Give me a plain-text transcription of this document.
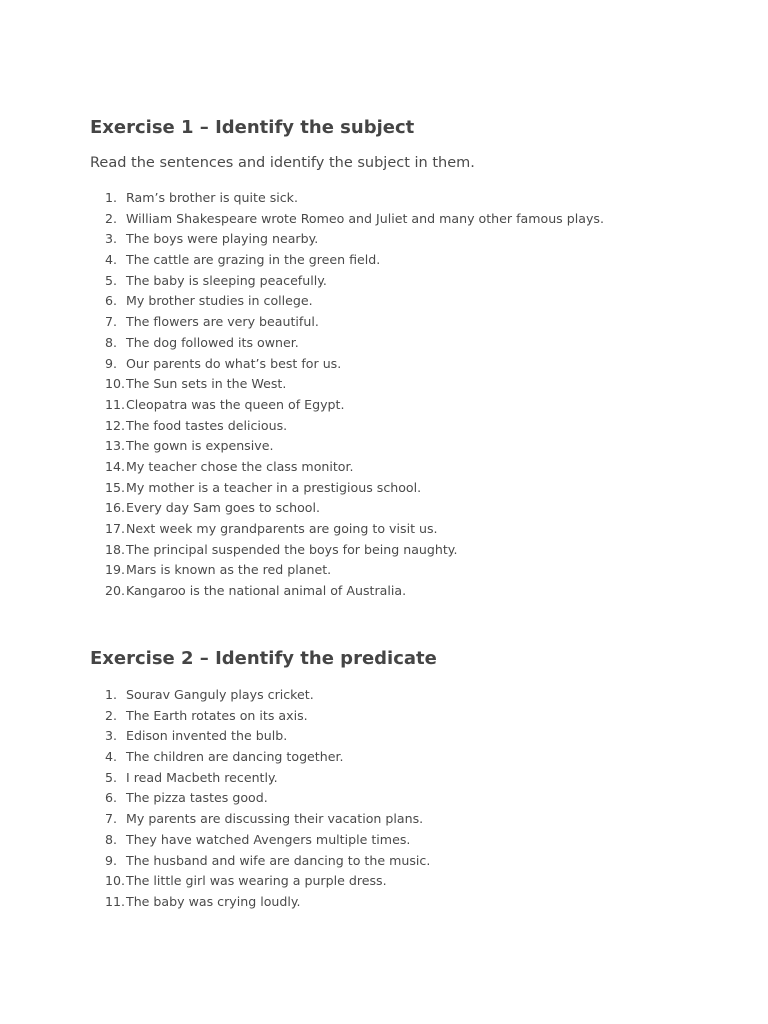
Exercise 1 – Identify the subject

Read the sentences and identify the subject in them.

1. Ram’s brother is quite sick.
2. William Shakespeare wrote Romeo and Juliet and many other famous plays.
3. The boys were playing nearby.
4. The cattle are grazing in the green field.
5. The baby is sleeping peacefully.
6. My brother studies in college.
7. The flowers are very beautiful.
8. The dog followed its owner.
9. Our parents do what’s best for us.
10. The Sun sets in the West.
11. Cleopatra was the queen of Egypt.
12. The food tastes delicious.
13. The gown is expensive.
14. My teacher chose the class monitor.
15. My mother is a teacher in a prestigious school.
16. Every day Sam goes to school.
17. Next week my grandparents are going to visit us.
18. The principal suspended the boys for being naughty.
19. Mars is known as the red planet.
20. Kangaroo is the national animal of Australia.
Exercise 2 – Identify the predicate
1. Sourav Ganguly plays cricket.
2. The Earth rotates on its axis.
3. Edison invented the bulb.
4. The children are dancing together.
5. I read Macbeth recently.
6. The pizza tastes good.
7. My parents are discussing their vacation plans.
8. They have watched Avengers multiple times.
9. The husband and wife are dancing to the music.
10. The little girl was wearing a purple dress.
11. The baby was crying loudly.
